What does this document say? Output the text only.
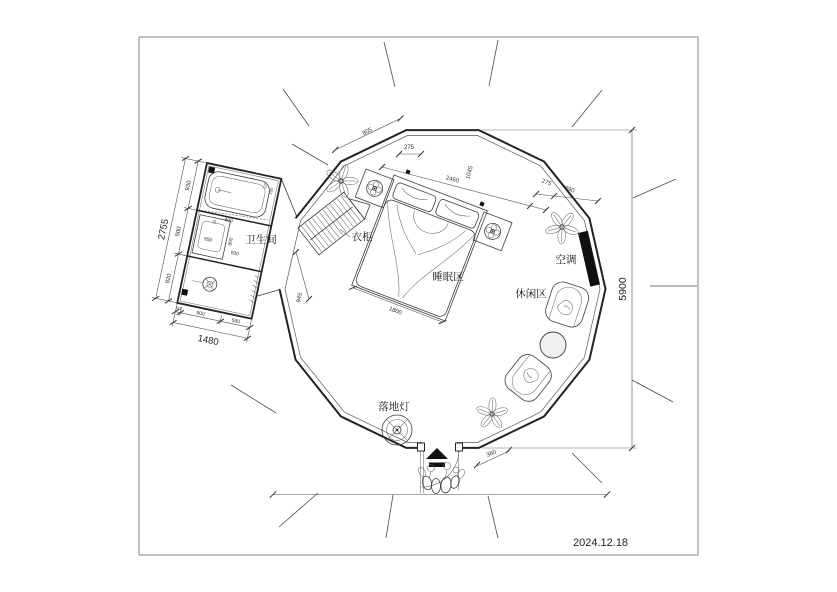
945
930
900
920
2755
90
800
580
1480
800
120
150
550	900
930
卫生间	衣柜
1800
睡眠区
空调
休闲区
落地灯
360
805
275
2460
1045
275
690
5900
2024.12.18
